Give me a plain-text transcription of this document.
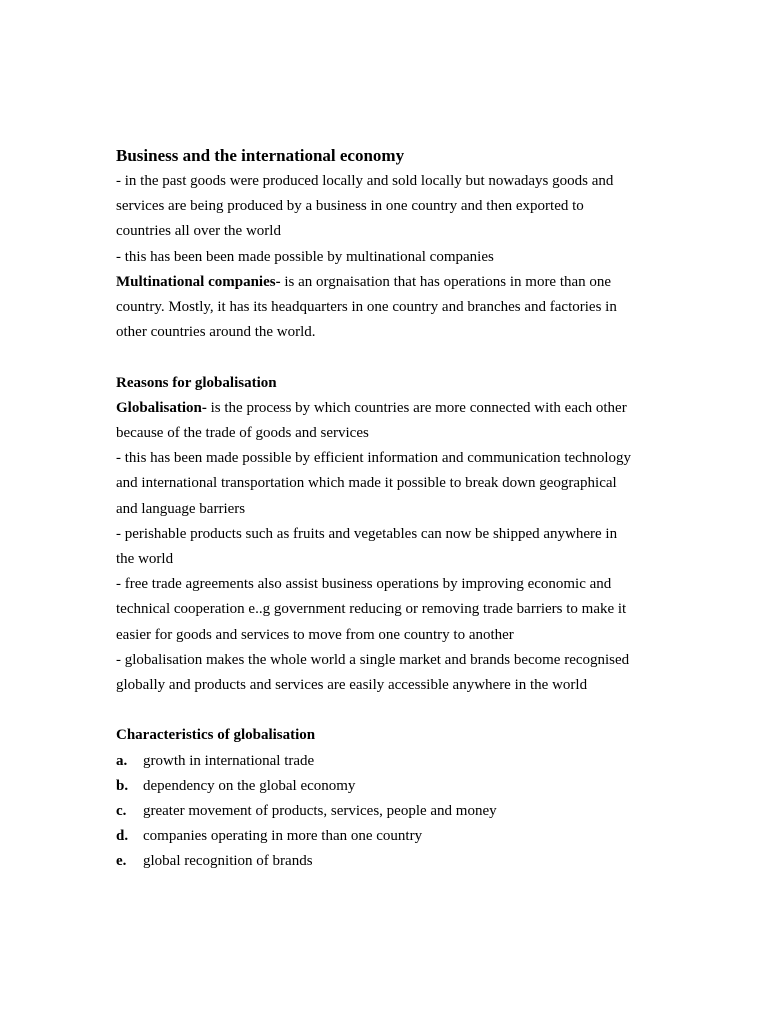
Business and the international economy
- in the past goods were produced locally and sold locally but nowadays goods and
services are being produced by a business in one country and then exported to
countries all over the world
- this has been been made possible by multinational companies
Multinational companies- is an orgnaisation that has operations in more than one
country. Mostly, it has its headquarters in one country and branches and factories in
other countries around the world.
Reasons for globalisation
Globalisation- is the process by which countries are more connected with each other
because of the trade of goods and services
- this has been made possible by efficient information and communication technology
and international transportation which made it possible to break down geographical
and language barriers
- perishable products such as fruits and vegetables can now be shipped anywhere in
the world
- free trade agreements also assist business operations by improving economic and
technical cooperation e..g government reducing or removing trade barriers to make it
easier for goods and services to move from one country to another
- globalisation makes the whole world a single market and brands become recognised
globally and products and services are easily accessible anywhere in the world
Characteristics of globalisation
a.	growth in international trade
b. dependency on the global economy
c.	greater movement of products, services, people and money
d. companies operating in more than one country
e.	global recognition of brands
